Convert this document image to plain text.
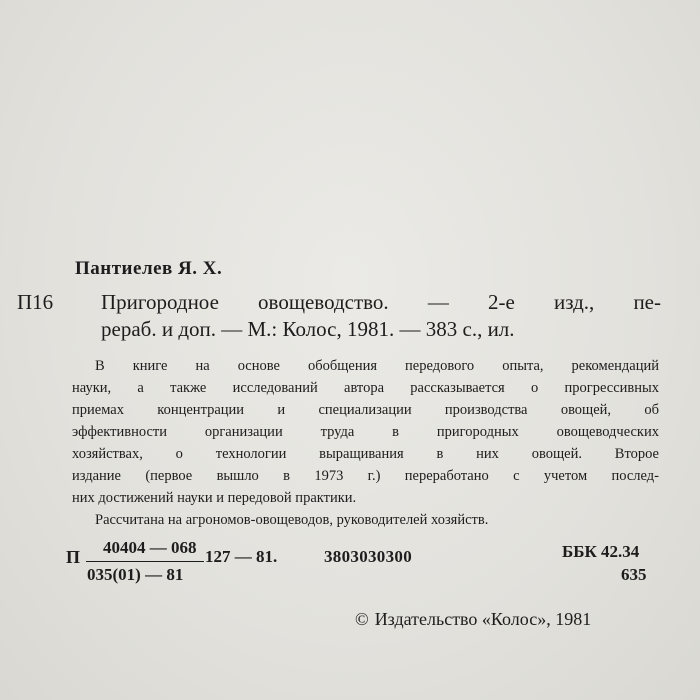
Пантиелев Я. Х.
П16 Пригородное овощеводство. — 2-е изд., пе-
рераб. и доп. — М.: Колос, 1981. — 383 с., ил.
В книге на основе обобщения передового опыта, рекомендаций
науки, а также исследований автора рассказывается о прогрессивных
приемах концентрации и специализации производства овощей, об
эффективности организации труда в пригородных овощеводческих
хозяйствах, о технологии выращивания в них овощей. Второе
издание (первое вышло в 1973 г.) переработано с учетом послед-
них достижений науки и передовой практики.
Рассчитана на агрономов-овощеводов, руководителей хозяйств.
П 40404 — 068
035(01) — 81
127 — 81.	3803030300	ББК 42.34
635
© Издательство «Колос», 1981
